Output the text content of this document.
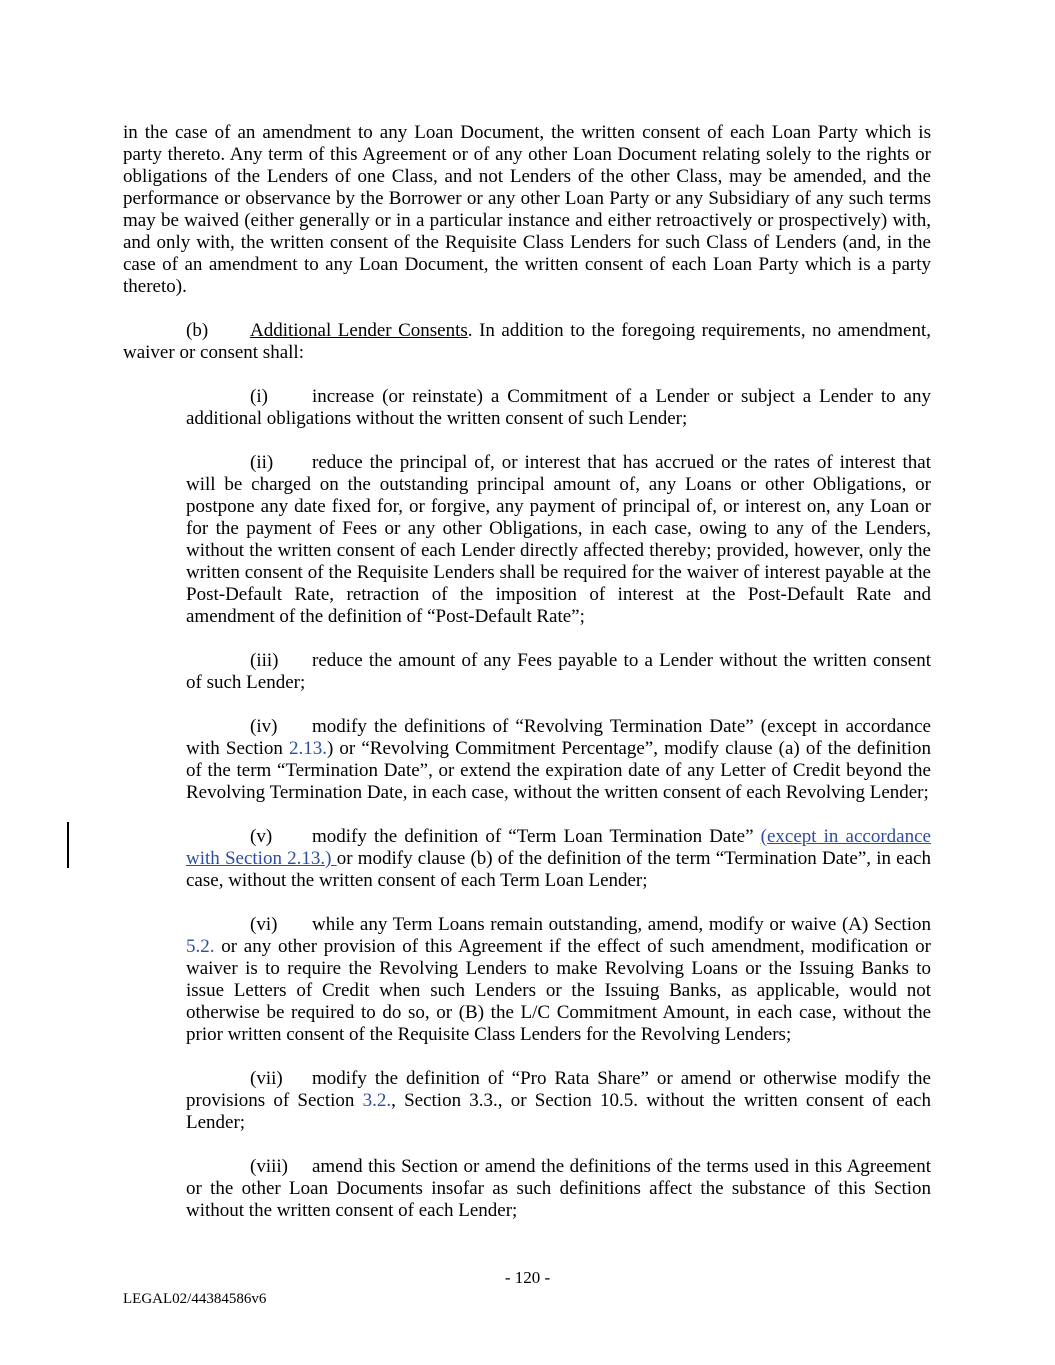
in the case of an amendment to any Loan Document, the written consent of each Loan Party which is party thereto. Any term of this Agreement or of any other Loan Document relating solely to the rights or obligations of the Lenders of one Class, and not Lenders of the other Class, may be amended, and the performance or observance by the Borrower or any other Loan Party or any Subsidiary of any such terms may be waived (either generally or in a particular instance and either retroactively or prospectively) with, and only with, the written consent of the Requisite Class Lenders for such Class of Lenders (and, in the case of an amendment to any Loan Document, the written consent of each Loan Party which is a party thereto).

(b) Additional Lender Consents. In addition to the foregoing requirements, no amendment, waiver or consent shall:

(i) increase (or reinstate) a Commitment of a Lender or subject a Lender to any additional obligations without the written consent of such Lender;

(ii) reduce the principal of, or interest that has accrued or the rates of interest that will be charged on the outstanding principal amount of, any Loans or other Obligations, or postpone any date fixed for, or forgive, any payment of principal of, or interest on, any Loan or for the payment of Fees or any other Obligations, in each case, owing to any of the Lenders, without the written consent of each Lender directly affected thereby; provided, however, only the written consent of the Requisite Lenders shall be required for the waiver of interest payable at the Post-Default Rate, retraction of the imposition of interest at the Post-Default Rate and amendment of the definition of “Post-Default Rate”;

(iii) reduce the amount of any Fees payable to a Lender without the written consent of such Lender;

(iv) modify the definitions of “Revolving Termination Date” (except in accordance with Section 2.13.) or “Revolving Commitment Percentage”, modify clause (a) of the definition of the term “Termination Date”, or extend the expiration date of any Letter of Credit beyond the Revolving Termination Date, in each case, without the written consent of each Revolving Lender;

(v) modify the definition of “Term Loan Termination Date” (except in accordance with Section 2.13.) or modify clause (b) of the definition of the term “Termination Date”, in each case, without the written consent of each Term Loan Lender;

(vi) while any Term Loans remain outstanding, amend, modify or waive (A) Section 5.2. or any other provision of this Agreement if the effect of such amendment, modification or waiver is to require the Revolving Lenders to make Revolving Loans or the Issuing Banks to issue Letters of Credit when such Lenders or the Issuing Banks, as applicable, would not otherwise be required to do so, or (B) the L/C Commitment Amount, in each case, without the prior written consent of the Requisite Class Lenders for the Revolving Lenders;

(vii) modify the definition of “Pro Rata Share” or amend or otherwise modify the provisions of Section 3.2., Section 3.3., or Section 10.5. without the written consent of each Lender;

(viii) amend this Section or amend the definitions of the terms used in this Agreement or the other Loan Documents insofar as such definitions affect the substance of this Section without the written consent of each Lender;

- 120 -
LEGAL02/44384586v6
